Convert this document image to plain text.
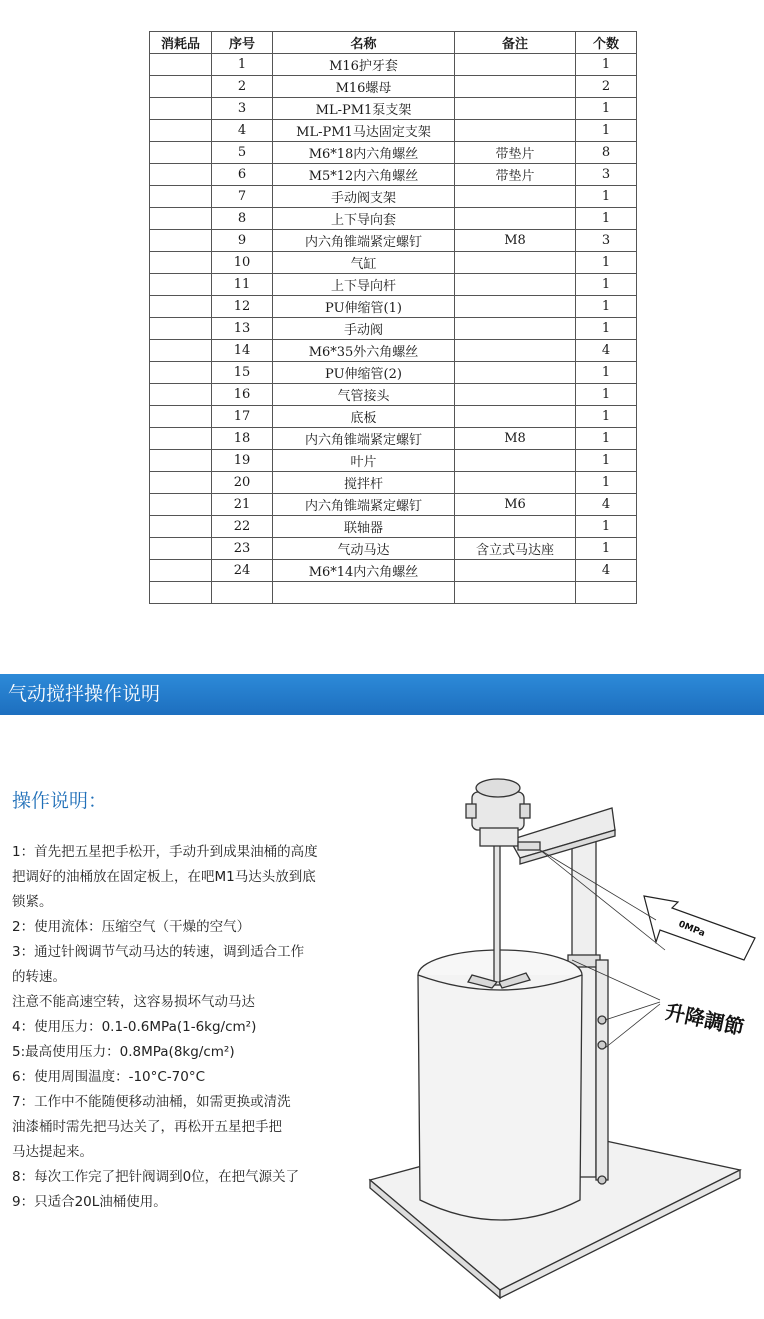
消耗品	序号	名称	备注	个数
	1	M16护牙套		1
	2	M16螺母		2
	3	ML-PM1泵支架		1
	4	ML-PM1马达固定支架		1
	5	M6*18内六角螺丝	带垫片	8
	6	M5*12内六角螺丝	带垫片	3
	7	手动阀支架		1
	8	上下导向套		1
	9	内六角锥端紧定螺钉	M8	3
	10	气缸		1
	11	上下导向杆		1
	12	PU伸缩管(1)		1
	13	手动阀		1
	14	M6*35外六角螺丝		4
	15	PU伸缩管(2)		1
	16	气管接头		1
	17	底板		1
	18	内六角锥端紧定螺钉	M8	1
	19	叶片		1
	20	搅拌杆		1
	21	内六角锥端紧定螺钉	M6	4
	22	联轴器		1
	23	气动马达	含立式马达座	1
	24	M6*14内六角螺丝		4

气动搅拌操作说明
操作说明：
1：首先把五星把手松开，手动升到成果油桶的高度
把调好的油桶放在固定板上，在吧M1马达头放到底
锁紧。
2：使用流体：压缩空气（干燥的空气）
3：通过针阀调节气动马达的转速，调到适合工作
的转速。
注意不能高速空转，这容易损坏气动马达
4：使用压力：0.1-0.6MPa(1-6kg/cm²)
5:最高使用压力：0.8MPa(8kg/cm²)
6：使用周围温度：-10°C-70°C
7：工作中不能随便移动油桶，如需更换或清洗
油漆桶时需先把马达关了，再松开五星把手把
马达提起来。
8：每次工作完了把针阀调到0位，在把气源关了
9：只适合20L油桶使用。
0MPa
升降調節
